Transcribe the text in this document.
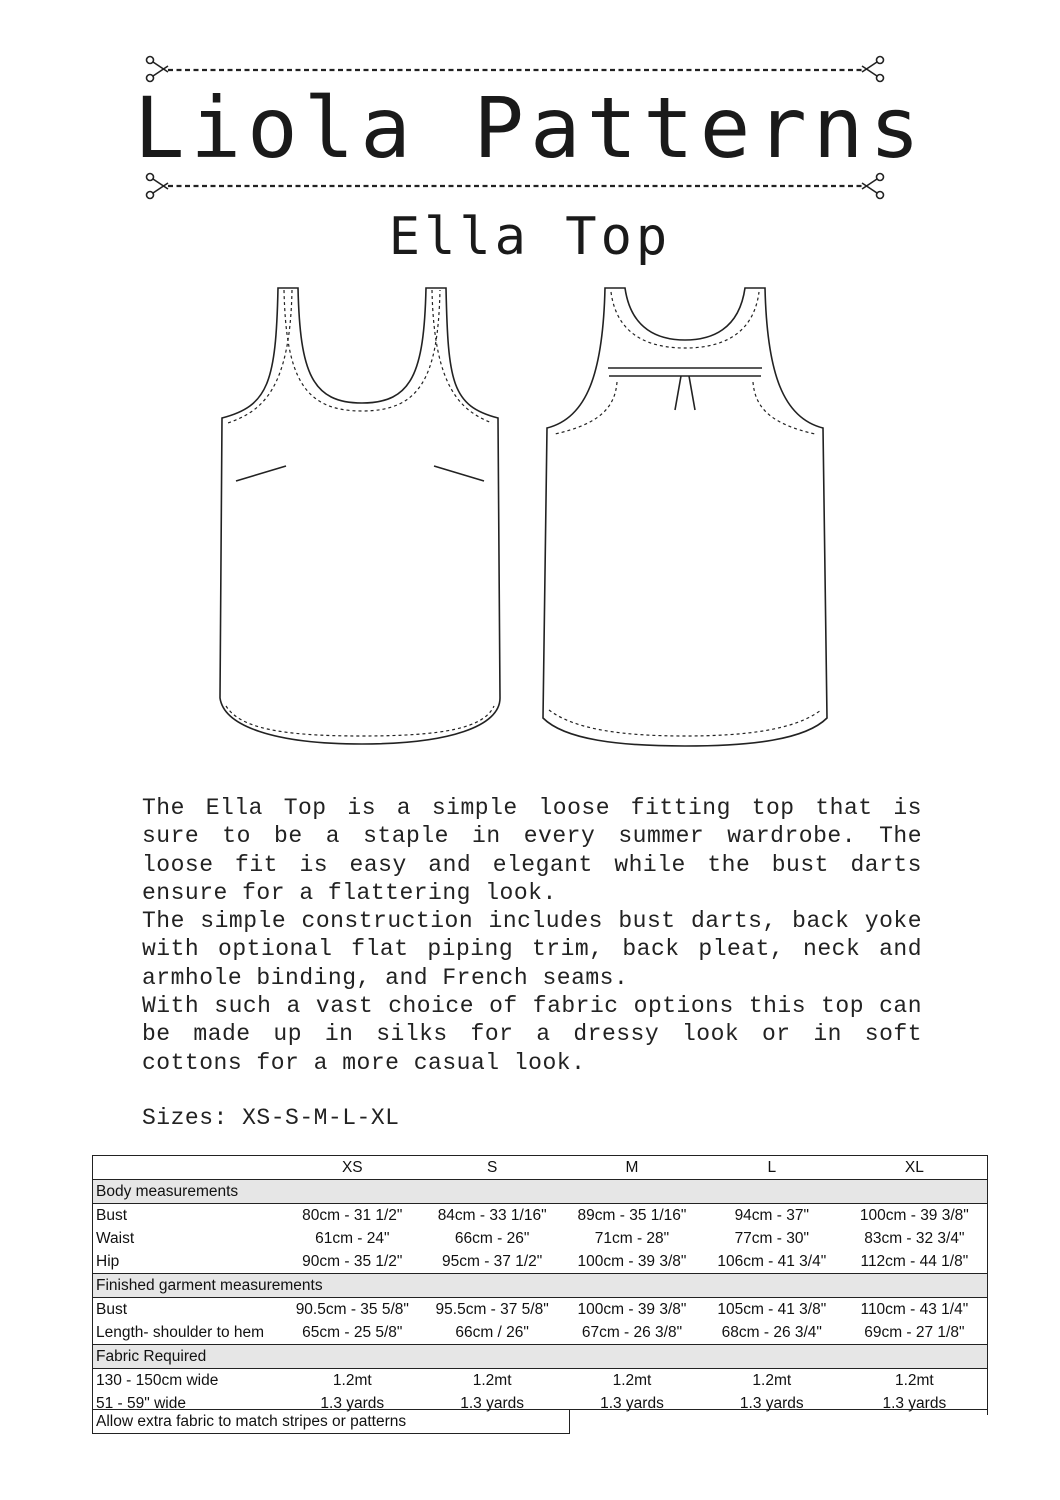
Liola Patterns
Ella Top

The Ella Top is a simple loose fitting top that is sure to be a staple in every summer wardrobe. The loose fit is easy and elegant while the bust darts ensure for a flattering look.

The simple construction includes bust darts, back yoke with optional flat piping trim, back pleat, neck and armhole binding, and French seams.

With such a vast choice of fabric options this top can be made up in silks for a dressy look or in soft cottons for a more casual look.

Sizes: XS-S-M-L-XL
	XS	S	M	L	XL
Body measurements					
Bust	80cm - 31 1/2"	84cm - 33 1/16"	89cm - 35 1/16"	94cm - 37"	100cm - 39 3/8"
Waist	61cm - 24"	66cm - 26"	71cm - 28"	77cm - 30"	83cm - 32 3/4"
Hip	90cm - 35 1/2"	95cm - 37 1/2"	100cm - 39 3/8"	106cm - 41 3/4"	112cm - 44 1/8"
Finished garment measurements					
Bust	90.5cm - 35 5/8"	95.5cm - 37 5/8"	100cm - 39 3/8"	105cm - 41 3/8"	110cm - 43 1/4"
Length- shoulder to hem	65cm - 25 5/8"	66cm / 26"	67cm - 26 3/8"	68cm - 26 3/4"	69cm - 27 1/8"
Fabric Required					
130 - 150cm wide	1.2mt	1.2mt	1.2mt	1.2mt	1.2mt
51 - 59" wide	1.3 yards	1.3 yards	1.3 yards	1.3 yards	1.3 yards
Allow extra fabric to match stripes or patterns
